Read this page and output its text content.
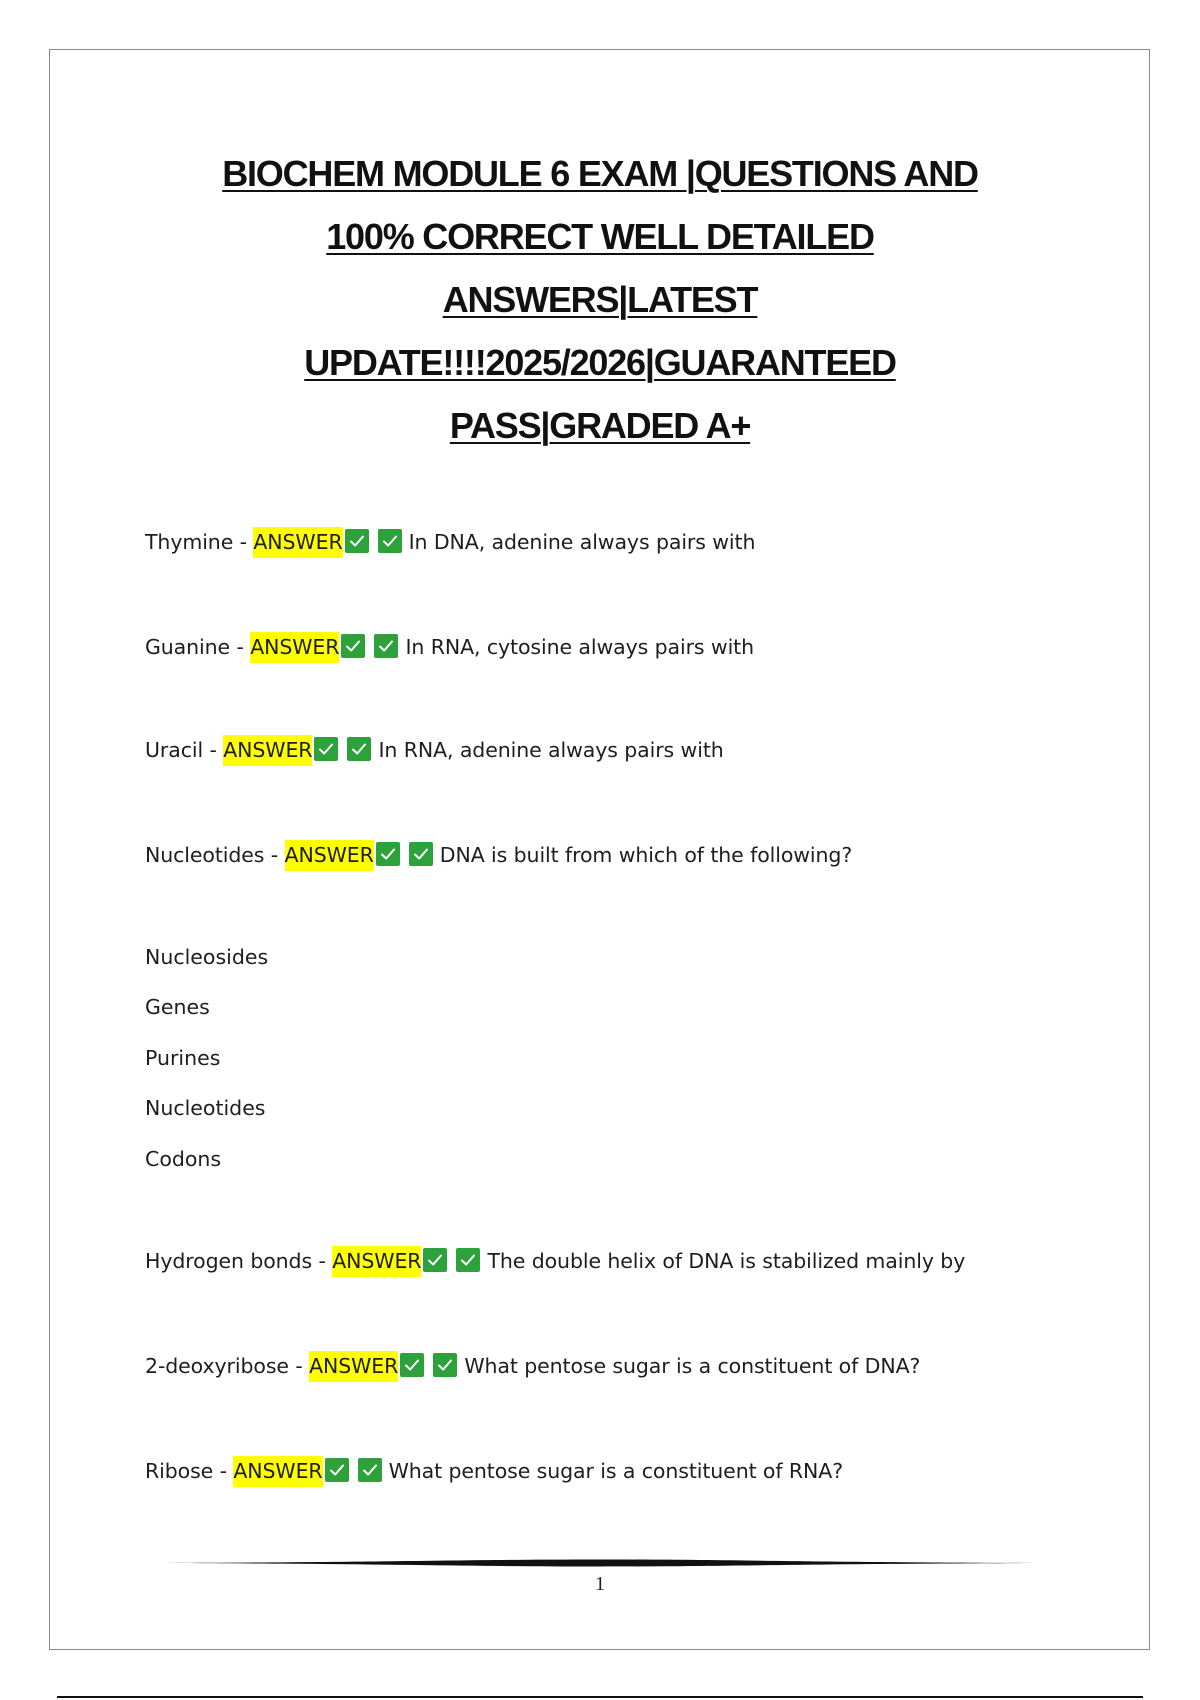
BIOCHEM MODULE 6 EXAM |QUESTIONS AND
100% CORRECT WELL DETAILED
ANSWERS|LATEST
UPDATE!!!!2025/2026|GUARANTEED
PASS|GRADED A+
Thymine - ANSWER	In DNA, adenine always pairs with
Guanine - ANSWER	In RNA, cytosine always pairs with
Uracil - ANSWER	In RNA, adenine always pairs with
Nucleotides - ANSWER	DNA is built from which of the following?
Nucleosides
Genes
Purines
Nucleotides
Codons
Hydrogen bonds - ANSWER	The double helix of DNA is stabilized mainly by
2-deoxyribose - ANSWER	What pentose sugar is a constituent of DNA?
Ribose - ANSWER	What pentose sugar is a constituent of RNA?
1
